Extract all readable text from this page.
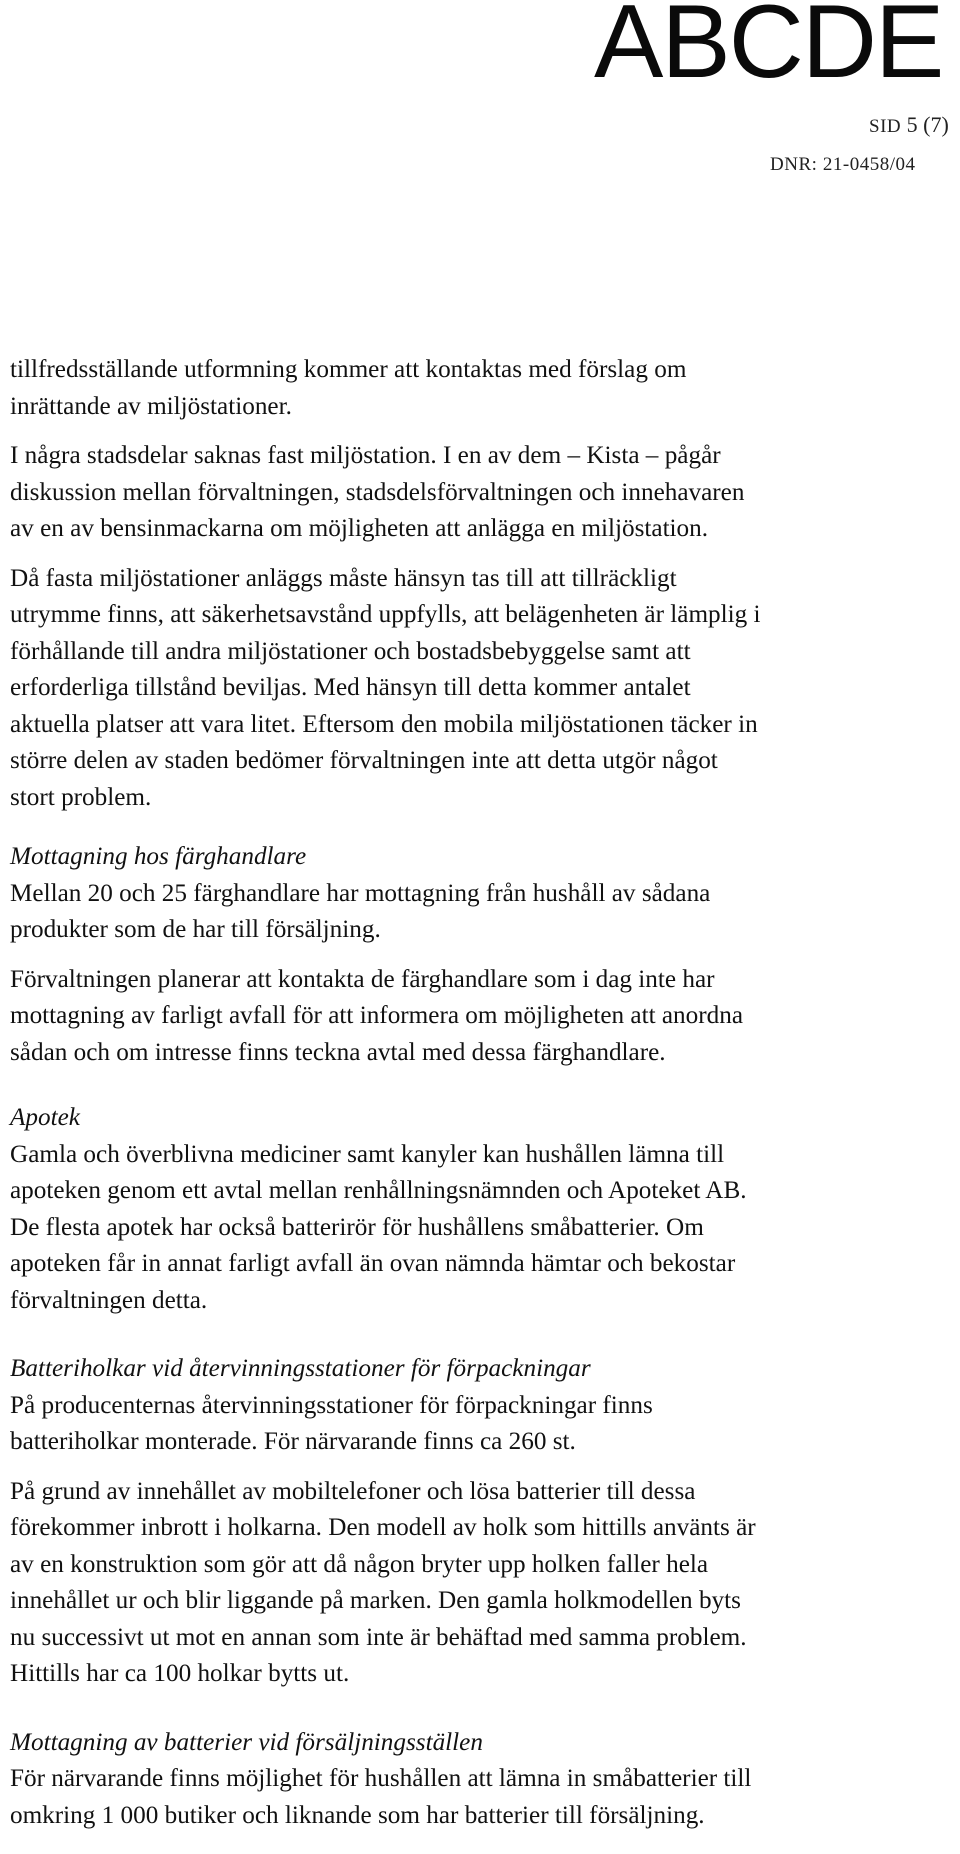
ABCDE
SID 5 (7)
DNR: 21-0458/04

tillfredsställande utformning kommer att kontaktas med förslag om
inrättande av miljöstationer.

I några stadsdelar saknas fast miljöstation. I en av dem – Kista – pågår
diskussion mellan förvaltningen, stadsdelsförvaltningen och innehavaren
av en av bensinmackarna om möjligheten att anlägga en miljöstation.

Då fasta miljöstationer anläggs måste hänsyn tas till att tillräckligt
utrymme finns, att säkerhetsavstånd uppfylls, att belägenheten är lämplig i
förhållande till andra miljöstationer och bostadsbebyggelse samt att
erforderliga tillstånd beviljas. Med hänsyn till detta kommer antalet
aktuella platser att vara litet. Eftersom den mobila miljöstationen täcker in
större delen av staden bedömer förvaltningen inte att detta utgör något
stort problem.

Mottagning hos färghandlare

Mellan 20 och 25 färghandlare har mottagning från hushåll av sådana
produkter som de har till försäljning.

Förvaltningen planerar att kontakta de färghandlare som i dag inte har
mottagning av farligt avfall för att informera om möjligheten att anordna
sådan och om intresse finns teckna avtal med dessa färghandlare.

Apotek

Gamla och överblivna mediciner samt kanyler kan hushållen lämna till
apoteken genom ett avtal mellan renhållningsnämnden och Apoteket AB.
De flesta apotek har också batterirör för hushållens småbatterier. Om
apoteken får in annat farligt avfall än ovan nämnda hämtar och bekostar
förvaltningen detta.

Batteriholkar vid återvinningsstationer för förpackningar

På producenternas återvinningsstationer för förpackningar finns
batteriholkar monterade. För närvarande finns ca 260 st.

På grund av innehållet av mobiltelefoner och lösa batterier till dessa
förekommer inbrott i holkarna. Den modell av holk som hittills använts är
av en konstruktion som gör att då någon bryter upp holken faller hela
innehållet ur och blir liggande på marken. Den gamla holkmodellen byts
nu successivt ut mot en annan som inte är behäftad med samma problem.
Hittills har ca 100 holkar bytts ut.

Mottagning av batterier vid försäljningsställen

För närvarande finns möjlighet för hushållen att lämna in småbatterier till
omkring 1 000 butiker och liknande som har batterier till försäljning.
